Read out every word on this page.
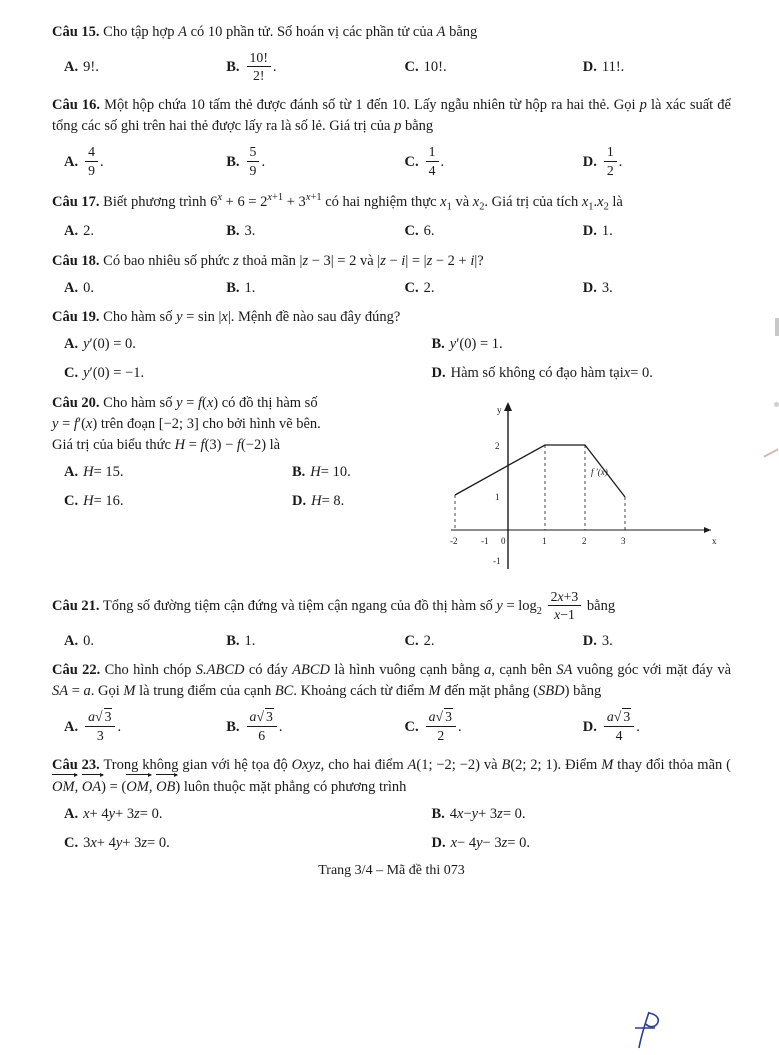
Câu 15. Cho tập hợp A có 10 phần tử. Số hoán vị các phần tử của A bằng
A. 9!.	B. $\frac{10!}{2!}$ .	C. 10!.	D. 11!.
Câu 16. Một hộp chứa 10 tấm thẻ được đánh số từ 1 đến 10. Lấy ngẫu nhiên từ hộp ra hai thẻ. Gọi p là xác suất để tổng các số ghi trên hai thẻ được lấy ra là số lẻ. Giá trị của p bằng
A. $\frac{4}{9}$ .	B. $\frac{5}{9}$ .	C. $\frac{1}{4}$ .	D. $\frac{1}{2}$ .
Câu 17. Biết phương trình $6^x + 6 = 2^{x+1} + 3^{x+1}$ có hai nghiệm thực $x_1$ và $x_2$. Giá trị của tích $x_1.x_2$ là
A. 2.	B. 3.	C. 6.	D. 1.
Câu 18. Có bao nhiêu số phức z thoả mãn |z − 3| = 2 và |z − i| = |z − 2 + i|?
A. 0.	B. 1.	C. 2.	D. 3.
Câu 19. Cho hàm số y = sin |x|. Mệnh đề nào sau đây đúng?
A. y ′(0) = 0.	B. y ′(0) = 1.
C. y ′(0) = −1.	D. Hàm số không có đạo hàm tại x = 0.
Câu 20. Cho hàm số y = f(x) có đồ thị hàm số
y = f′(x) trên đoạn [−2; 3] cho bởi hình vẽ bên.
Giá trị của biểu thức H = f(3) − f(−2) là
A. H = 15.	B. H = 10.
C. H = 16.	D. H = 8.
y
x
2
1
-1
-2	-1 0	1	2	3
f ′(x)
Câu 21. Tổng số đường tiệm cận đứng và tiệm cận ngang của đồ thị hàm số $y = \log_2 \frac{2x+3}{x-1}$ bằng
A. 0.	B. 1.	C. 2.	D. 3.
Câu 22. Cho hình chóp S.ABCD có đáy ABCD là hình vuông cạnh bằng a, cạnh bên SA vuông góc với mặt đáy và SA = a. Gọi M là trung điểm của cạnh BC. Khoảng cách từ điểm M đến mặt phẳng (SBD) bằng
A. $\frac{a√ 3}{3}$ .	B. $\frac{a√ 3}{6}$ .	C. $\frac{a√ 3}{2}$ .	D. $\frac{a√ 3}{4}$ .
Câu 23. Trong không gian với hệ tọa độ Oxyz, cho hai điểm A(1; −2; −2) và B(2; 2; 1). Điểm M thay đổi thỏa mãn (OM, OA) = (OM, OB) luôn thuộc mặt phẳng có phương trình
A. x + 4 y + 3 z = 0.	B. 4 x − y + 3 z = 0.
C. 3 x + 4 y + 3 z = 0.	D. x − 4 y − 3 z = 0.
Trang 3/4 – Mã đề thi 073
